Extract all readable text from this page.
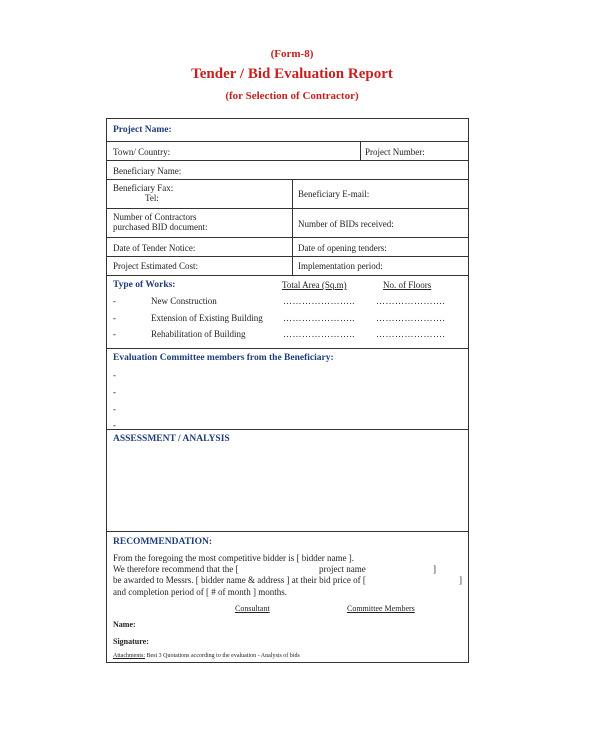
(Form-8)
Tender / Bid Evaluation Report
(for Selection of Contractor)
Project Name:
Town/ Country:	Project Number:
Beneficiary Name:
Beneficiary Fax:
Tel:	Beneficiary E-mail:
Number of Contractors
purchased BID document:	Number of BIDs received:
Date of Tender Notice:	Date of opening tenders:
Project Estimated Cost:	Implementation period:
Type of Works:	Total Area (Sq.m)	No. of Floors
-	New Construction	………………….. ………………….
-	Extension of Existing Building ………………….. ………………….
-	Rehabilitation of Building	………………….. ………………….
Evaluation Committee members from the Beneficiary:
-
-
-
-
ASSESSMENT / ANALYSIS
RECOMMENDATION:
From the foregoing the most competitive bidder is [ bidder name ].
We therefore recommend that the [	project name	]
be awarded to Messrs. [ bidder name & address ] at their bid price of [	]
and completion period of [ # of month ] months.
Consultant	Committee Members
Name:
Signature:
Attachments: Best 3 Quotations according to the evaluation - Analysis of bids
